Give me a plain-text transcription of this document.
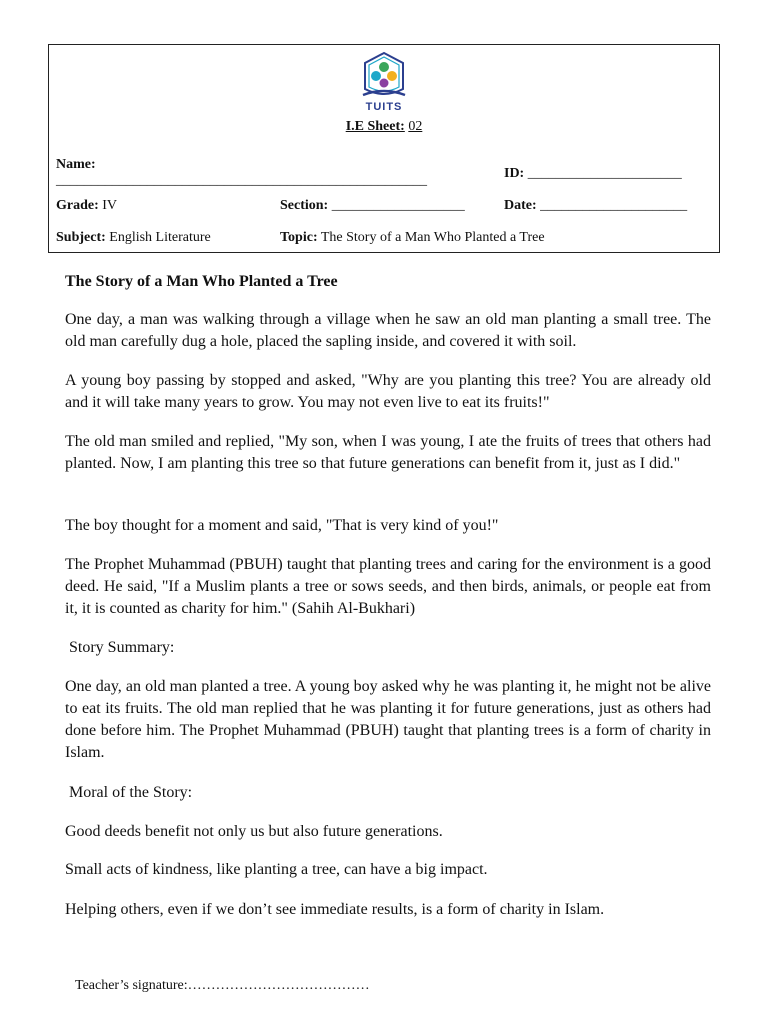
TUITS
I.E Sheet: 02
Name:
_____________________________________________________	ID: ______________________
Grade: IV	Section: ___________________	Date: _____________________
Subject: English Literature	Topic: The Story of a Man Who Planted a Tree
The Story of a Man Who Planted a Tree
One day, a man was walking through a village when he saw an old man planting a small tree. The old man carefully dug a hole, placed the sapling inside, and covered it with soil.
A young boy passing by stopped and asked, "Why are you planting this tree? You are already old and it will take many years to grow. You may not even live to eat its fruits!"
The old man smiled and replied, "My son, when I was young, I ate the fruits of trees that others had planted. Now, I am planting this tree so that future generations can benefit from it, just as I did."
The boy thought for a moment and said, "That is very kind of you!"
The Prophet Muhammad (PBUH) taught that planting trees and caring for the environment is a good deed. He said, "If a Muslim plants a tree or sows seeds, and then birds, animals, or people eat from it, it is counted as charity for him." (Sahih Al-Bukhari)
Story Summary:
One day, an old man planted a tree. A young boy asked why he was planting it, he might not be alive to eat its fruits. The old man replied that he was planting it for future generations, just as others had done before him. The Prophet Muhammad (PBUH) taught that planting trees is a form of charity in Islam.
Moral of the Story:
Good deeds benefit not only us but also future generations.
Small acts of kindness, like planting a tree, can have a big impact.
Helping others, even if we don’t see immediate results, is a form of charity in Islam.
Teacher’s signature:…………………………………
